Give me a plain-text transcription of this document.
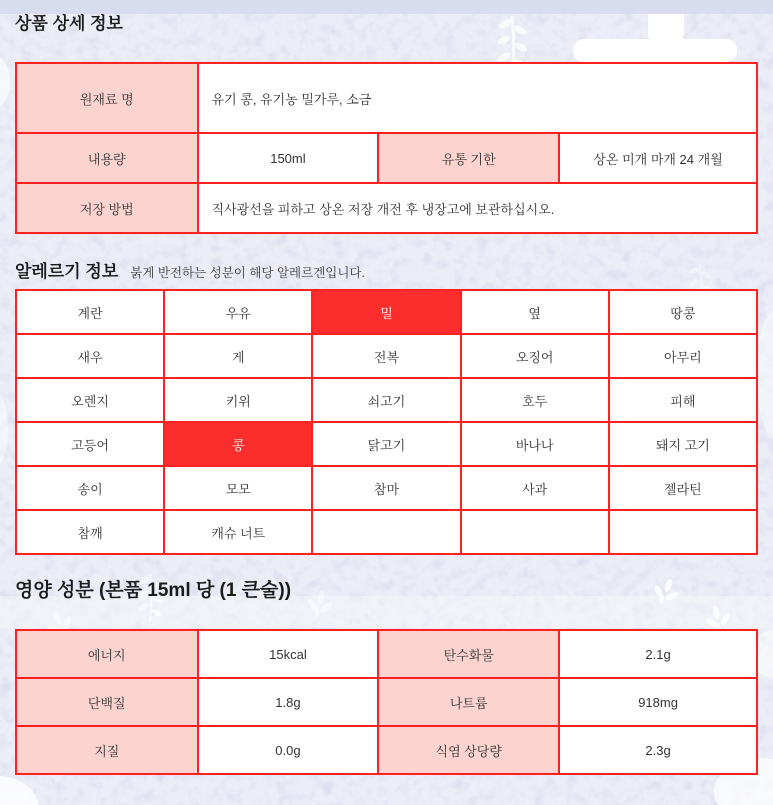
상품 상세 정보
원재료 명	유기 콩, 유기농 밀가루, 소금		
내용량	150ml	유통 기한	상온 미개 마개 24 개월
저장 방법	직사광선을 피하고 상온 저장 개전 후 냉장고에 보관하십시오.		
알레르기 정보 붉게 반전하는 성분이 해당 알레르겐입니다.
계란	우유	밀	옆	땅콩
새우	게	전복	오징어	아무리
오렌지	키위	쇠고기	호두	피해
고등어	콩	닭고기	바나나	돼지 고기
송이	모모	참마	사과	젤라틴
참깨	캐슈 너트			
영양 성분 (본품 15ml 당 (1 큰술))
에너지	15kcal	탄수화물	2.1g
단백질	1.8g	나트륨	918mg
지질	0.0g	식염 상당량	2.3g
